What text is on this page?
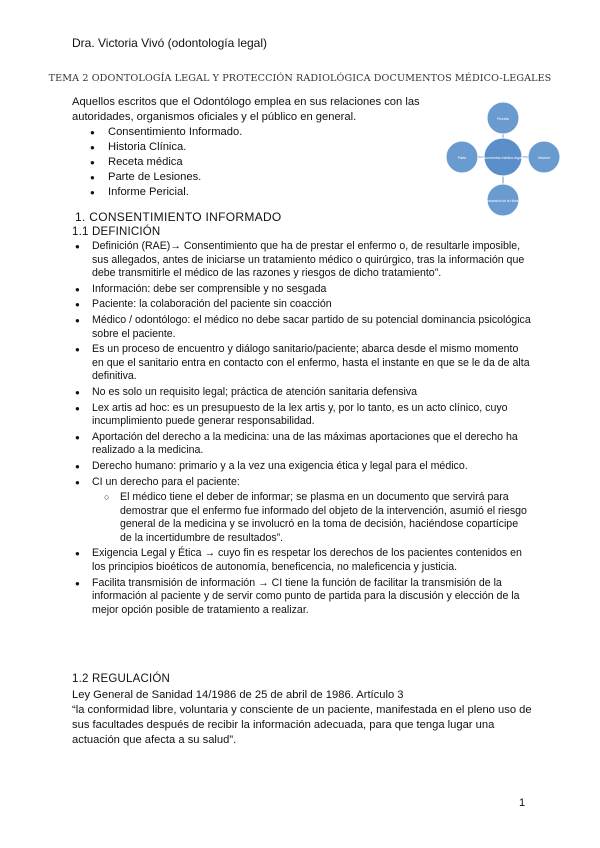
Dra. Victoria Vivó (odontología legal)
TEMA 2 ODONTOLOGÍA LEGAL Y PROTECCIÓN RADIOLÓGICA DOCUMENTOS MÉDICO-LEGALES
Aquellos escritos que el Odontólogo emplea en sus relaciones con las autoridades, organismos oficiales y el público en general.
● Consentimiento Informado.
● Historia Clínica.
● Receta médica
● Parte de Lesiones.
● Informe Pericial.
Documentos médico-legales
Receta
Parte	Informe
Declaración de la Historia
1. CONSENTIMIENTO INFORMADO
1.1 DEFINICIÓN
● Definición (RAE)→ Consentimiento que ha de prestar el enfermo o, de resultarle imposible, sus allegados, antes de iniciarse un tratamiento médico o quirúrgico, tras la información que debe transmitirle el médico de las razones y riesgos de dicho tratamiento”.
● Información: debe ser comprensible y no sesgada
● Paciente: la colaboración del paciente sin coacción
● Médico / odontólogo: el médico no debe sacar partido de su potencial dominancia psicológica sobre el paciente.
● Es un proceso de encuentro y diálogo sanitario/paciente; abarca desde el mismo momento en que el sanitario entra en contacto con el enfermo, hasta el instante en que se le da de alta definitiva.
● No es solo un requisito legal; práctica de atención sanitaria defensiva
● Lex artis ad hoc: es un presupuesto de la lex artis y, por lo tanto, es un acto clínico, cuyo incumplimiento puede generar responsabilidad.
● Aportación del derecho a la medicina: una de las máximas aportaciones que el derecho ha realizado a la medicina.
● Derecho humano: primario y a la vez una exigencia ética y legal para el médico.
● CI un derecho para el paciente:
○ El médico tiene el deber de informar; se plasma en un documento que servirá para demostrar que el enfermo fue informado del objeto de la intervención, asumió el riesgo general de la medicina y se involucró en la toma de decisión, haciéndose copartícipe de la incertidumbre de resultados”.
● Exigencia Legal y Ética → cuyo fin es respetar los derechos de los pacientes contenidos en los principios bioéticos de autonomía, beneficencia, no maleficencia y justicia.
● Facilita transmisión de información → CI tiene la función de facilitar la transmisión de la información al paciente y de servir como punto de partida para la discusión y elección de la mejor opción posible de tratamiento a realizar.
1.2 REGULACIÓN
Ley General de Sanidad 14/1986 de 25 de abril de 1986. Artículo 3
“la conformidad libre, voluntaria y consciente de un paciente, manifestada en el pleno uso de sus facultades después de recibir la información adecuada, para que tenga lugar una actuación que afecta a su salud”.
1
